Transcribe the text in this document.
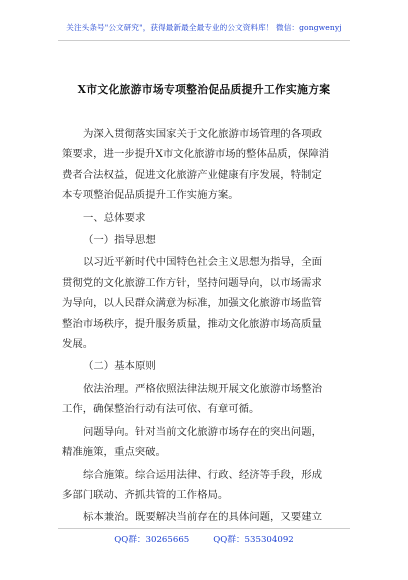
关注头条号"公文研究"，获得最新最全最专业的公文资料库！ 微信：gongwenyj
X市文化旅游市场专项整治促品质提升工作实施方案
为深入贯彻落实国家关于文化旅游市场管理的各项政
策要求，进一步提升X市文化旅游市场的整体品质，保障消
费者合法权益，促进文化旅游产业健康有序发展，特制定
本专项整治促品质提升工作实施方案。
一、总体要求
（一）指导思想
以习近平新时代中国特色社会主义思想为指导，全面
贯彻党的文化旅游工作方针，坚持问题导向，以市场需求
为导向，以人民群众满意为标准，加强文化旅游市场监管
整治市场秩序，提升服务质量，推动文化旅游市场高质量
发展。
（二）基本原则
依法治理。严格依照法律法规开展文化旅游市场整治
工作，确保整治行动有法可依、有章可循。
问题导向。针对当前文化旅游市场存在的突出问题，
精准施策，重点突破。
综合施策。综合运用法律、行政、经济等手段，形成
多部门联动、齐抓共管的工作格局。
标本兼治。既要解决当前存在的具体问题，又要建立
QQ群：30265665	QQ群：535304092
